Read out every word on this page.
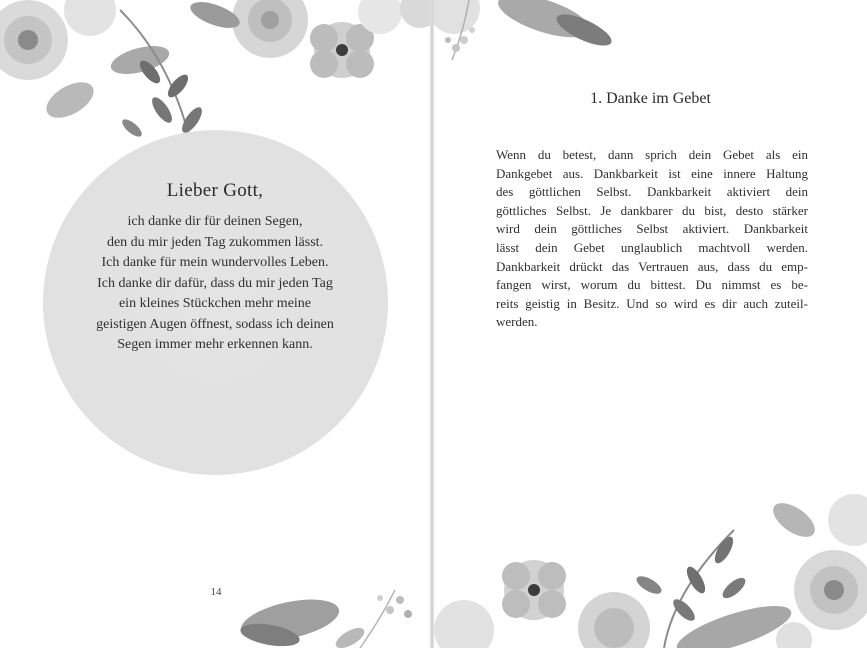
Lieber Gott,
ich danke dir für deinen Segen,
den du mir jeden Tag zukommen lässt.
Ich danke für mein wundervolles Leben.
Ich danke dir dafür, dass du mir jeden Tag
ein kleines Stückchen mehr meine
geistigen Augen öffnest, sodass ich deinen
Segen immer mehr erkennen kann.
14
1. Danke im Gebet
Wenn du betest, dann sprich dein Gebet als ein
Dankgebet aus. Dankbarkeit ist eine innere Haltung
des göttlichen Selbst. Dankbarkeit aktiviert dein
göttliches Selbst. Je dankbarer du bist, desto stärker
wird dein göttliches Selbst aktiviert. Dankbarkeit
lässt dein Gebet unglaublich machtvoll werden.
Dankbarkeit drückt das Vertrauen aus, dass du emp-
fangen wirst, worum du bittest. Du nimmst es be-
reits geistig in Besitz. Und so wird es dir auch zuteil-
werden.
